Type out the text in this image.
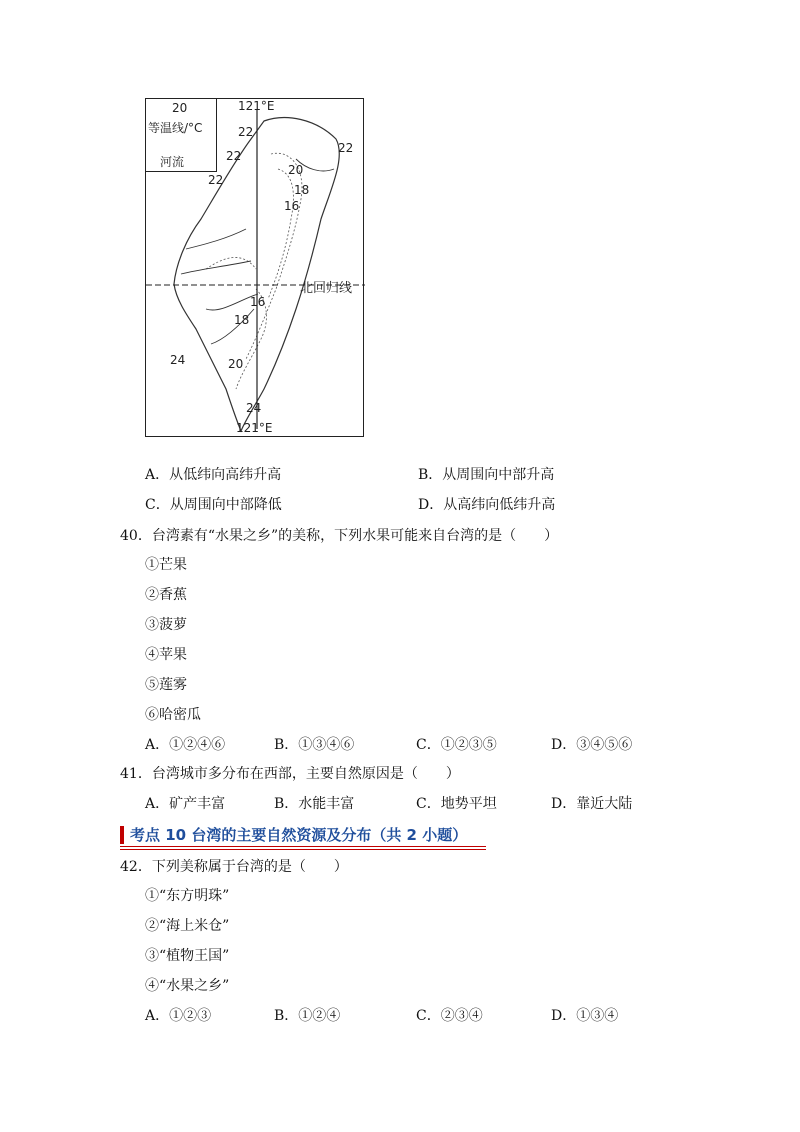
20
等温线/°C
河流
121°E
121°E
北回归线
22
22
22
22
20
18
16
16
18
24	20
24
A．从低纬向高纬升高	B．从周围向中部升高
C．从周围向中部降低	D．从高纬向低纬升高
40．台湾素有“水果之乡”的美称，下列水果可能来自台湾的是（　　）
①芒果
②香蕉
③菠萝
④苹果
⑤莲雾
⑥哈密瓜
A．①②④⑥	B．①③④⑥	C．①②③⑤	D．③④⑤⑥
41．台湾城市多分布在西部，主要自然原因是（　　）
A．矿产丰富	B．水能丰富	C．地势平坦	D．靠近大陆
考点 10 台湾的主要自然资源及分布（共 2 小题）
42．下列美称属于台湾的是（　　）
①“东方明珠”
②“海上米仓”
③“植物王国”
④“水果之乡”
A．①②③	B．①②④	C．②③④	D．①③④
